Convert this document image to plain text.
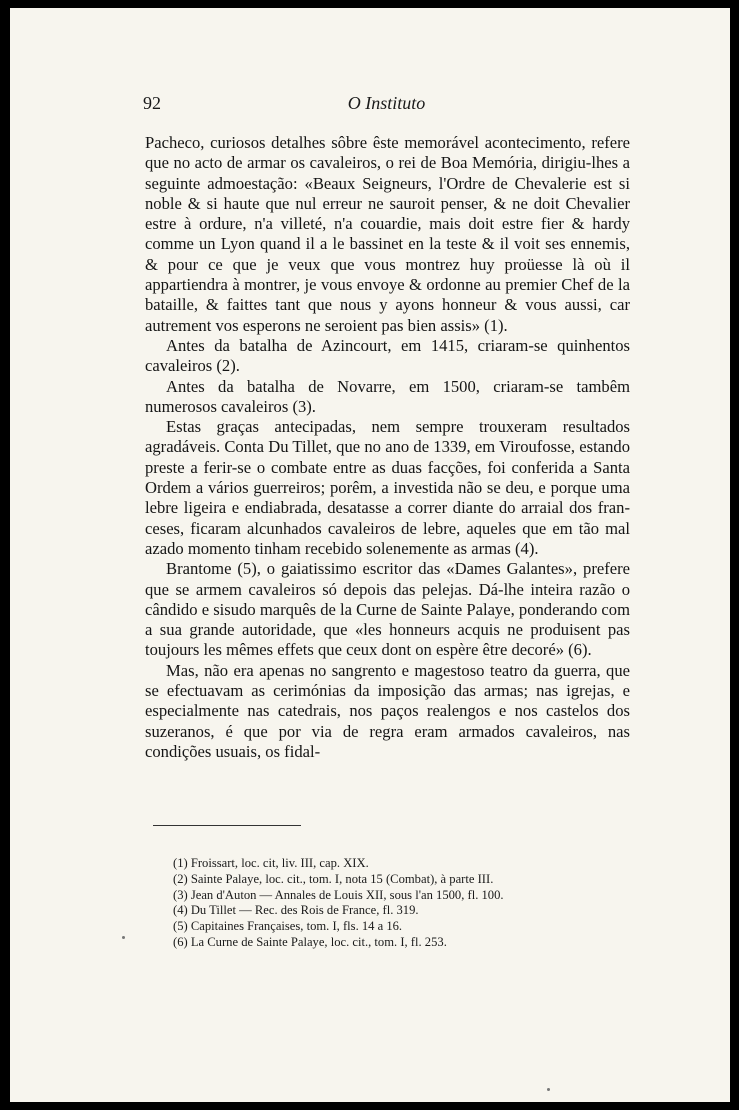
92	O Instituto

Pacheco, curiosos detalhes sôbre êste memorável acontecimento, refere que no acto de armar os cavaleiros, o rei de Boa Memória, dirigiu-lhes a seguinte admoestação: «Beaux Seigneurs, l'Ordre de Chevalerie est si noble & si haute que nul erreur ne sauroit penser, & ne doit Chevalier estre à ordure, n'a villeté, n'a couardie, mais doit estre fier & hardy comme un Lyon quand il a le bassinet en la teste & il voit ses ennemis, & pour ce que je veux que vous montrez huy proüesse là où il appartiendra à montrer, je vous envoye & ordonne au premier Chef de la bataille, & faittes tant que nous y ayons honneur & vous aussi, car autrement vos esperons ne seroient pas bien assis» (1).

Antes da batalha de Azincourt, em 1415, criaram-se quinhentos cavaleiros (2).

Antes da batalha de Novarre, em 1500, criaram-se tambêm numerosos cavaleiros (3).

Estas graças antecipadas, nem sempre trouxeram resultados agradáveis. Conta Du Tillet, que no ano de 1339, em Viroufosse, estando preste a ferir-se o combate entre as duas facções, foi conferida a Santa Ordem a vários guerreiros; porêm, a investida não se deu, e porque uma lebre ligeira e endiabrada, desatasse a correr diante do arraial dos franceses, ficaram alcunhados cavaleiros de lebre, aqueles que em tão mal azado momento tinham recebido solenemente as armas (4).

Brantome (5), o gaiatissimo escritor das «Dames Galantes», prefere que se armem cavaleiros só depois das pelejas. Dá-lhe inteira razão o cândido e sisudo marquês de la Curne de Sainte Palaye, ponderando com a sua grande autoridade, que «les honneurs acquis ne produisent pas toujours les mêmes effets que ceux dont on espère être decoré» (6).

Mas, não era apenas no sangrento e magestoso teatro da guerra, que se efectuavam as cerimónias da imposição das armas; nas igrejas, e especialmente nas catedrais, nos paços realengos e nos castelos dos suzeranos, é que por via de regra eram armados cavaleiros, nas condições usuais, os fidal-

(1) Froissart, loc. cit, liv. III, cap. XIX.
(2) Sainte Palaye, loc. cit., tom. I, nota 15 (Combat), à parte III.
(3) Jean d'Auton — Annales de Louis XII, sous l'an 1500, fl. 100.
(4) Du Tillet — Rec. des Rois de France, fl. 319.
(5) Capitaines Françaises, tom. I, fls. 14 a 16.
(6) La Curne de Sainte Palaye, loc. cit., tom. I, fl. 253.
